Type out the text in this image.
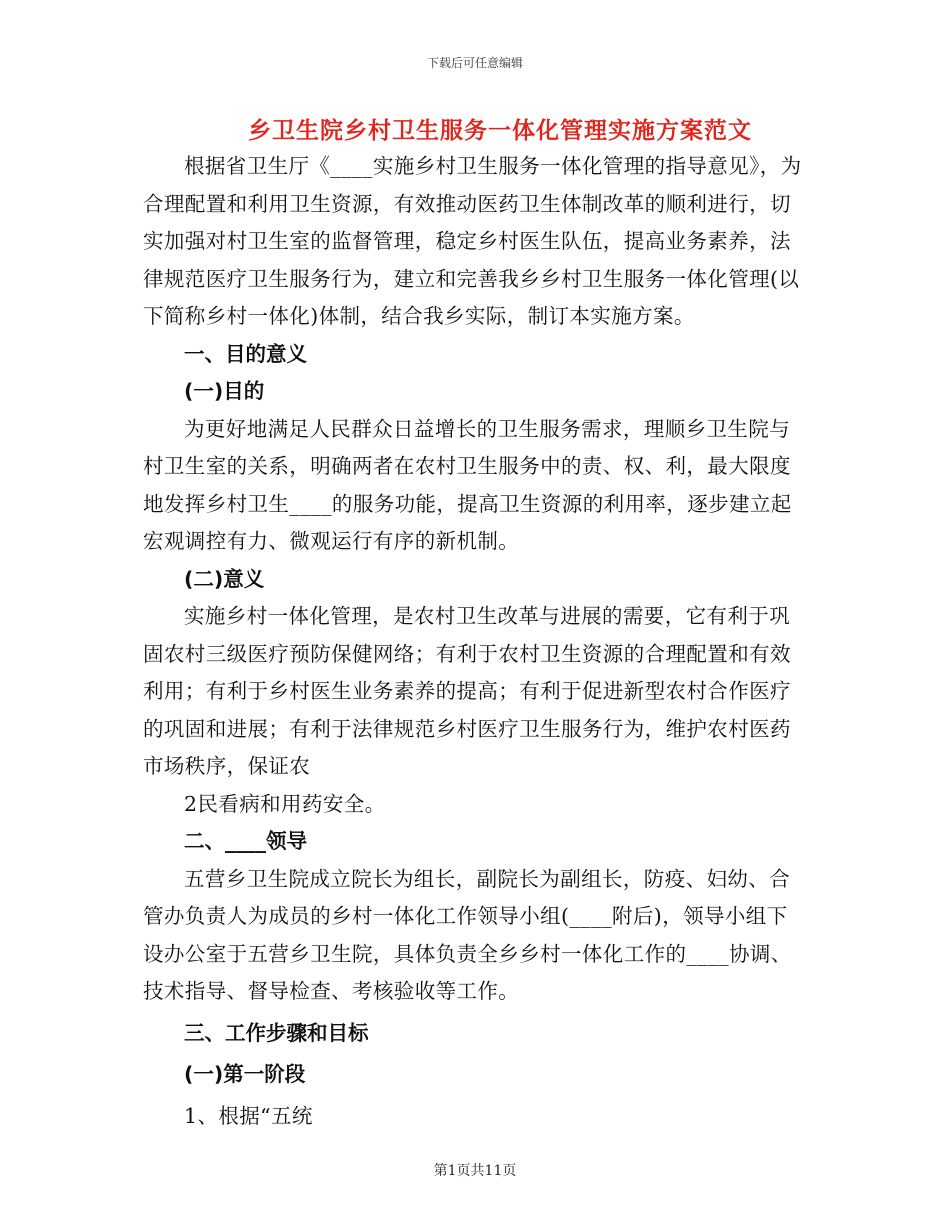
下载后可任意编辑
乡卫生院乡村卫生服务一体化管理实施方案范文

根据省卫生厅《____实施乡村卫生服务一体化管理的指导意见》，为合理配置和利用卫生资源，有效推动医药卫生体制改革的顺利进行，切实加强对村卫生室的监督管理，稳定乡村医生队伍，提高业务素养，法律规范医疗卫生服务行为，建立和完善我乡乡村卫生服务一体化管理(以下简称乡村一体化)体制，结合我乡实际，制订本实施方案。

一、目的意义

(一)目的

为更好地满足人民群众日益增长的卫生服务需求，理顺乡卫生院与村卫生室的关系，明确两者在农村卫生服务中的责、权、利，最大限度地发挥乡村卫生____的服务功能，提高卫生资源的利用率，逐步建立起宏观调控有力、微观运行有序的新机制。

(二)意义

实施乡村一体化管理，是农村卫生改革与进展的需要，它有利于巩固农村三级医疗预防保健网络；有利于农村卫生资源的合理配置和有效利用；有利于乡村医生业务素养的提高；有利于促进新型农村合作医疗的巩固和进展；有利于法律规范乡村医疗卫生服务行为，维护农村医药市场秩序，保证农

2民看病和用药安全。

二、____领导

五营乡卫生院成立院长为组长，副院长为副组长，防疫、妇幼、合管办负责人为成员的乡村一体化工作领导小组(____附后)，领导小组下设办公室于五营乡卫生院，具体负责全乡乡村一体化工作的____协调、技术指导、督导检查、考核验收等工作。

三、工作步骤和目标

(一)第一阶段

1、根据“五统

第1页共11页
